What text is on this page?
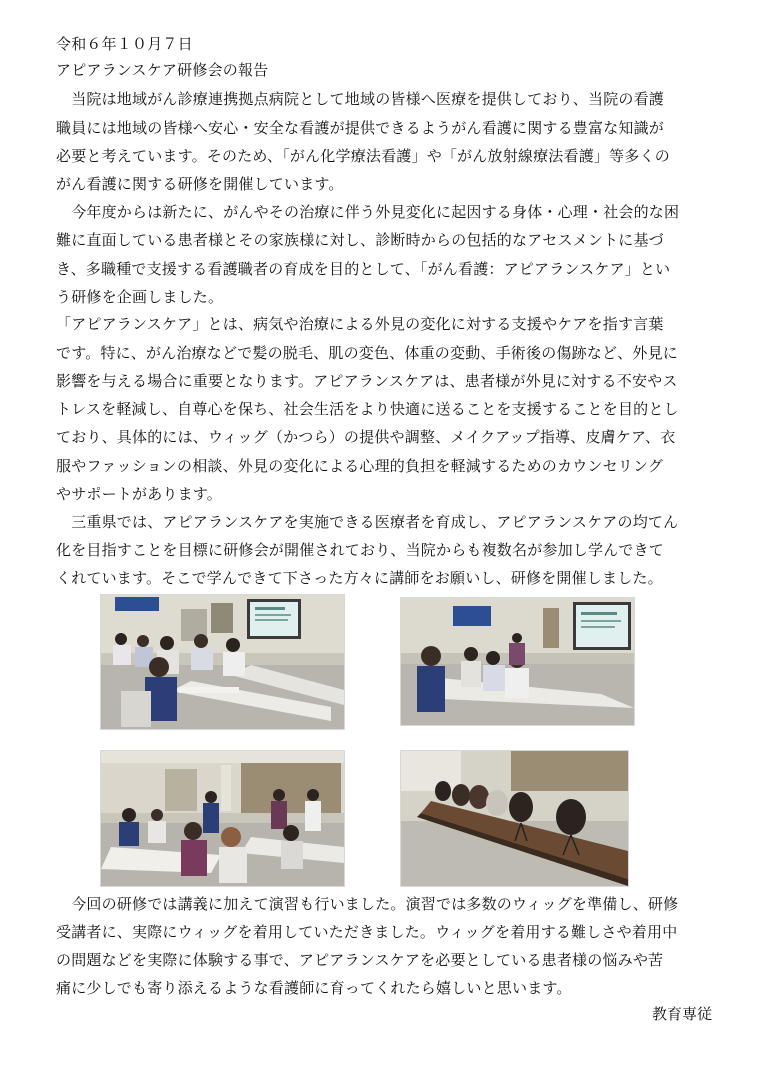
令和６年１０月７日
アピアランスケア研修会の報告
　当院は地域がん診療連携拠点病院として地域の皆様へ医療を提供しており、当院の看護
職員には地域の皆様へ安心・安全な看護が提供できるようがん看護に関する豊富な知識が
必要と考えています。そのため、「がん化学療法看護」や「がん放射線療法看護」等多くの
がん看護に関する研修を開催しています。
　今年度からは新たに、がんやその治療に伴う外見変化に起因する身体・心理・社会的な困
難に直面している患者様とその家族様に対し、診断時からの包括的なアセスメントに基づ
き、多職種で支援する看護職者の育成を目的として、「がん看護：アピアランスケア」とい
う研修を企画しました。
「アピアランスケア」とは、病気や治療による外見の変化に対する支援やケアを指す言葉
です。特に、がん治療などで髪の脱毛、肌の変色、体重の変動、手術後の傷跡など、外見に
影響を与える場合に重要となります。アピアランスケアは、患者様が外見に対する不安やス
トレスを軽減し、自尊心を保ち、社会生活をより快適に送ることを支援することを目的とし
ており、具体的には、ウィッグ（かつら）の提供や調整、メイクアップ指導、皮膚ケア、衣
服やファッションの相談、外見の変化による心理的負担を軽減するためのカウンセリング
やサポートがあります。
　三重県では、アピアランスケアを実施できる医療者を育成し、アピアランスケアの均てん
化を目指すことを目標に研修会が開催されており、当院からも複数名が参加し学んできて
くれています。そこで学んできて下さった方々に講師をお願いし、研修を開催しました。
　今回の研修では講義に加えて演習も行いました。演習では多数のウィッグを準備し、研修
受講者に、実際にウィッグを着用していただきました。ウィッグを着用する難しさや着用中
の問題などを実際に体験する事で、アピアランスケアを必要としている患者様の悩みや苦
痛に少しでも寄り添えるような看護師に育ってくれたら嬉しいと思います。
教育専従
